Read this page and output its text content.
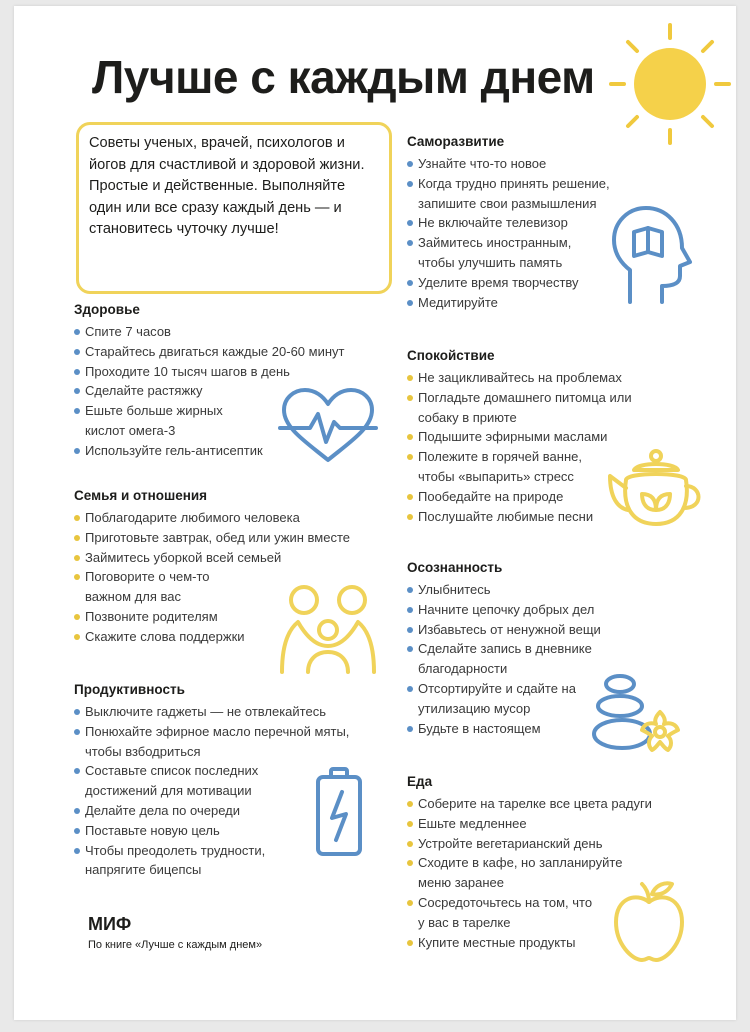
Лучше с каждым днем

Советы ученых, врачей, психологов и йогов для счастливой и здоровой жизни. Простые и действенные. Выполняйте один или все сразу каждый день — и становитесь чуточку лучше!

Здоровье
Спите 7 часов
Старайтесь двигаться каждые 20-60 минут
Проходите 10 тысяч шагов в день
Сделайте растяжку
Ешьте больше жирных кислот омега-3
Используйте гель-антисептик
Семья и отношения
Поблагодарите любимого человека
Приготовьте завтрак, обед или ужин вместе
Займитесь уборкой всей семьей
Поговорите о чем-то важном для вас
Позвоните родителям
Скажите слова поддержки
Продуктивность
Выключите гаджеты — не отвлекайтесь
Понюхайте эфирное масло перечной мяты, чтобы взбодриться
Составьте список последних достижений для мотивации
Делайте дела по очереди
Поставьте новую цель
Чтобы преодолеть трудности, напрягите бицепсы
Саморазвитие
Узнайте что-то новое
Когда трудно принять решение, запишите свои размышления
Не включайте телевизор
Займитесь иностранным, чтобы улучшить память
Уделите время творчеству
Медитируйте
Спокойствие
Не зацикливайтесь на проблемах
Погладьте домашнего питомца или собаку в приюте
Подышите эфирными маслами
Полежите в горячей ванне, чтобы «выпарить» стресс
Пообедайте на природе
Послушайте любимые песни
Осознанность
Улыбнитесь
Начните цепочку добрых дел
Избавьтесь от ненужной вещи
Сделайте запись в дневнике благодарности
Отсортируйте и сдайте на утилизацию мусор
Будьте в настоящем
Еда
Соберите на тарелке все цвета радуги
Ешьте медленнее
Устройте вегетарианский день
Сходите в кафе, но запланируйте меню заранее
Сосредоточьтесь на том, что у вас в тарелке
Купите местные продукты

МИФ

По книге «Лучше с каждым днем»
